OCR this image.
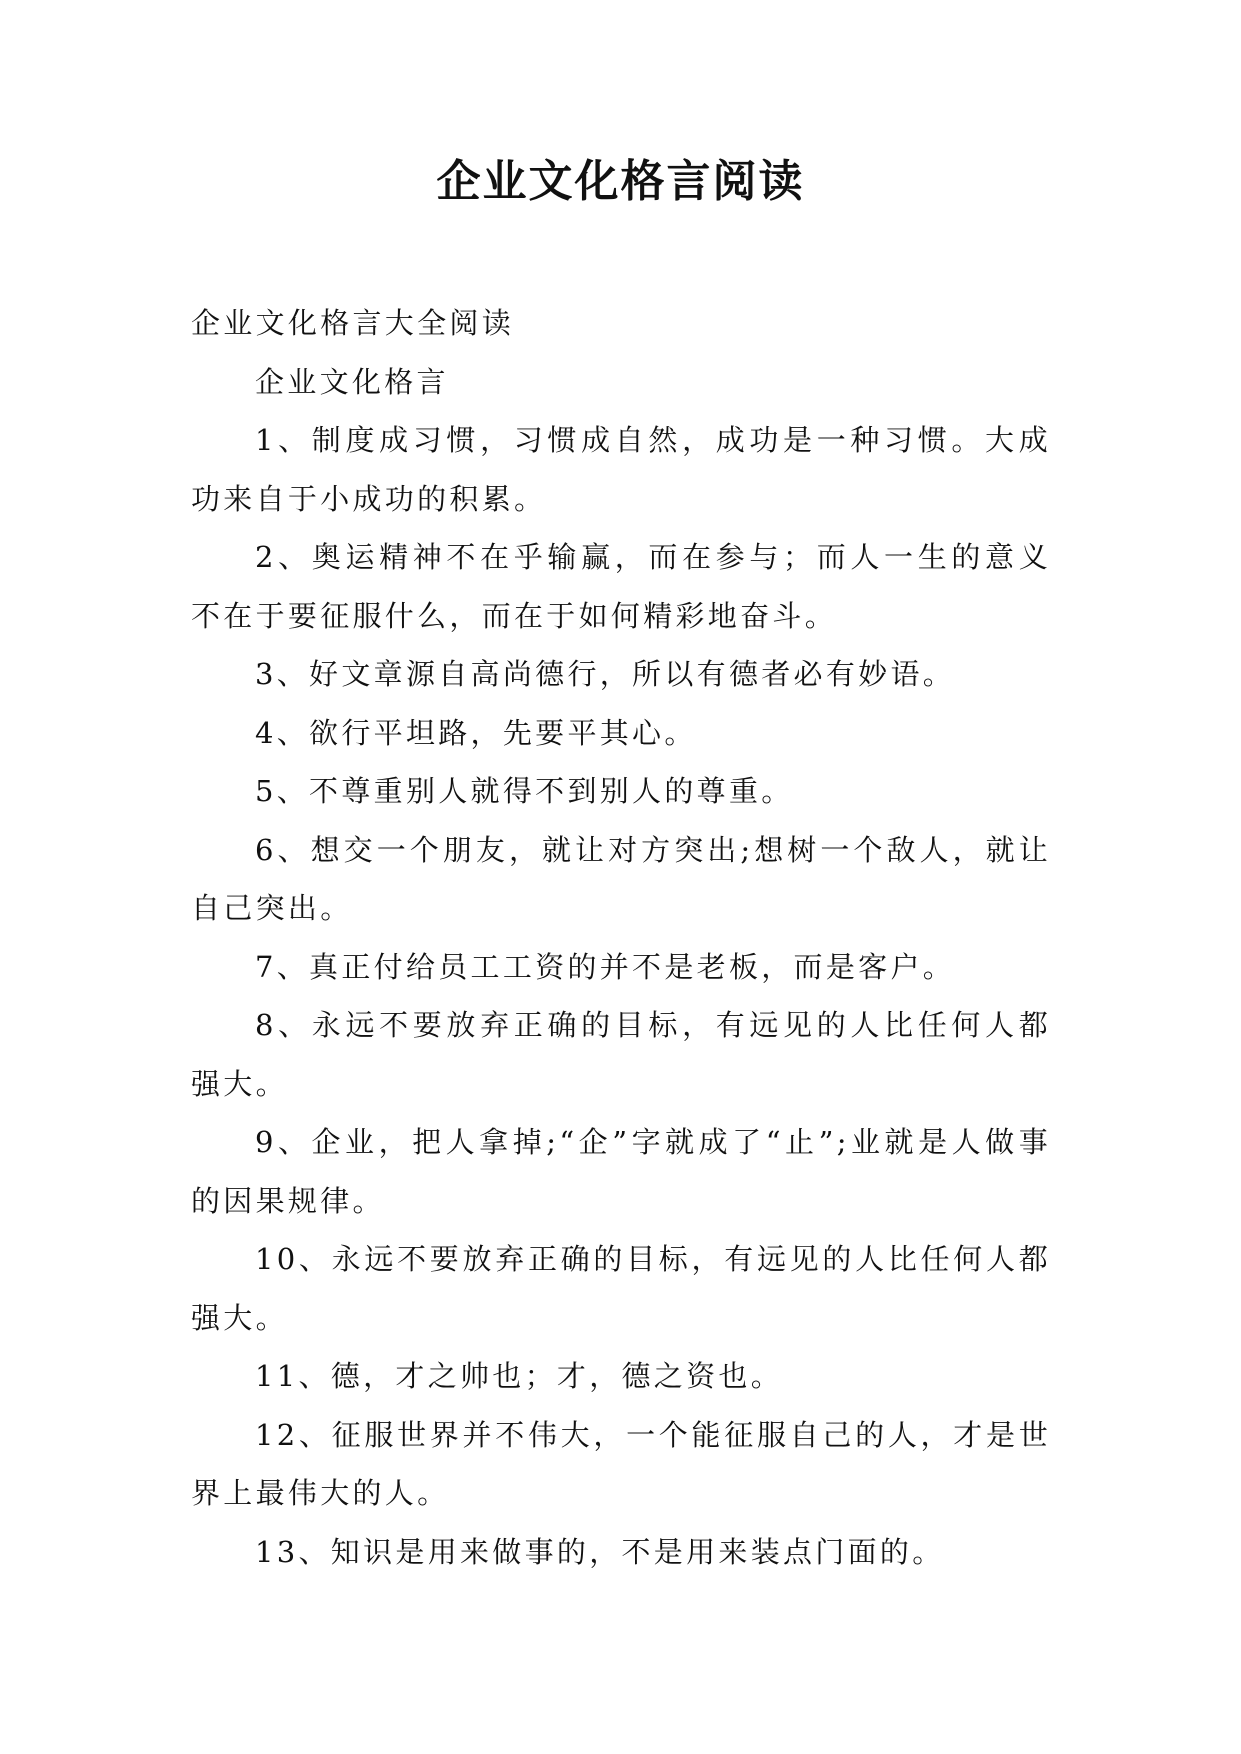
企业文化格言阅读

企业文化格言大全阅读

企业文化格言

1、制度成习惯，习惯成自然，成功是一种习惯。大成功来自于小成功的积累。

2、奥运精神不在乎输赢，而在参与；而人一生的意义不在于要征服什么，而在于如何精彩地奋斗。

3、好文章源自高尚德行，所以有德者必有妙语。

4、欲行平坦路，先要平其心。

5、不尊重别人就得不到别人的尊重。

6、想交一个朋友，就让对方突出;想树一个敌人，就让自己突出。

7、真正付给员工工资的并不是老板，而是客户。

8、永远不要放弃正确的目标，有远见的人比任何人都强大。

9、企业，把人拿掉;“企”字就成了“止”;业就是人做事的因果规律。

10、永远不要放弃正确的目标，有远见的人比任何人都强大。

11、德，才之帅也；才，德之资也。

12、征服世界并不伟大，一个能征服自己的人，才是世界上最伟大的人。

13、知识是用来做事的，不是用来装点门面的。
